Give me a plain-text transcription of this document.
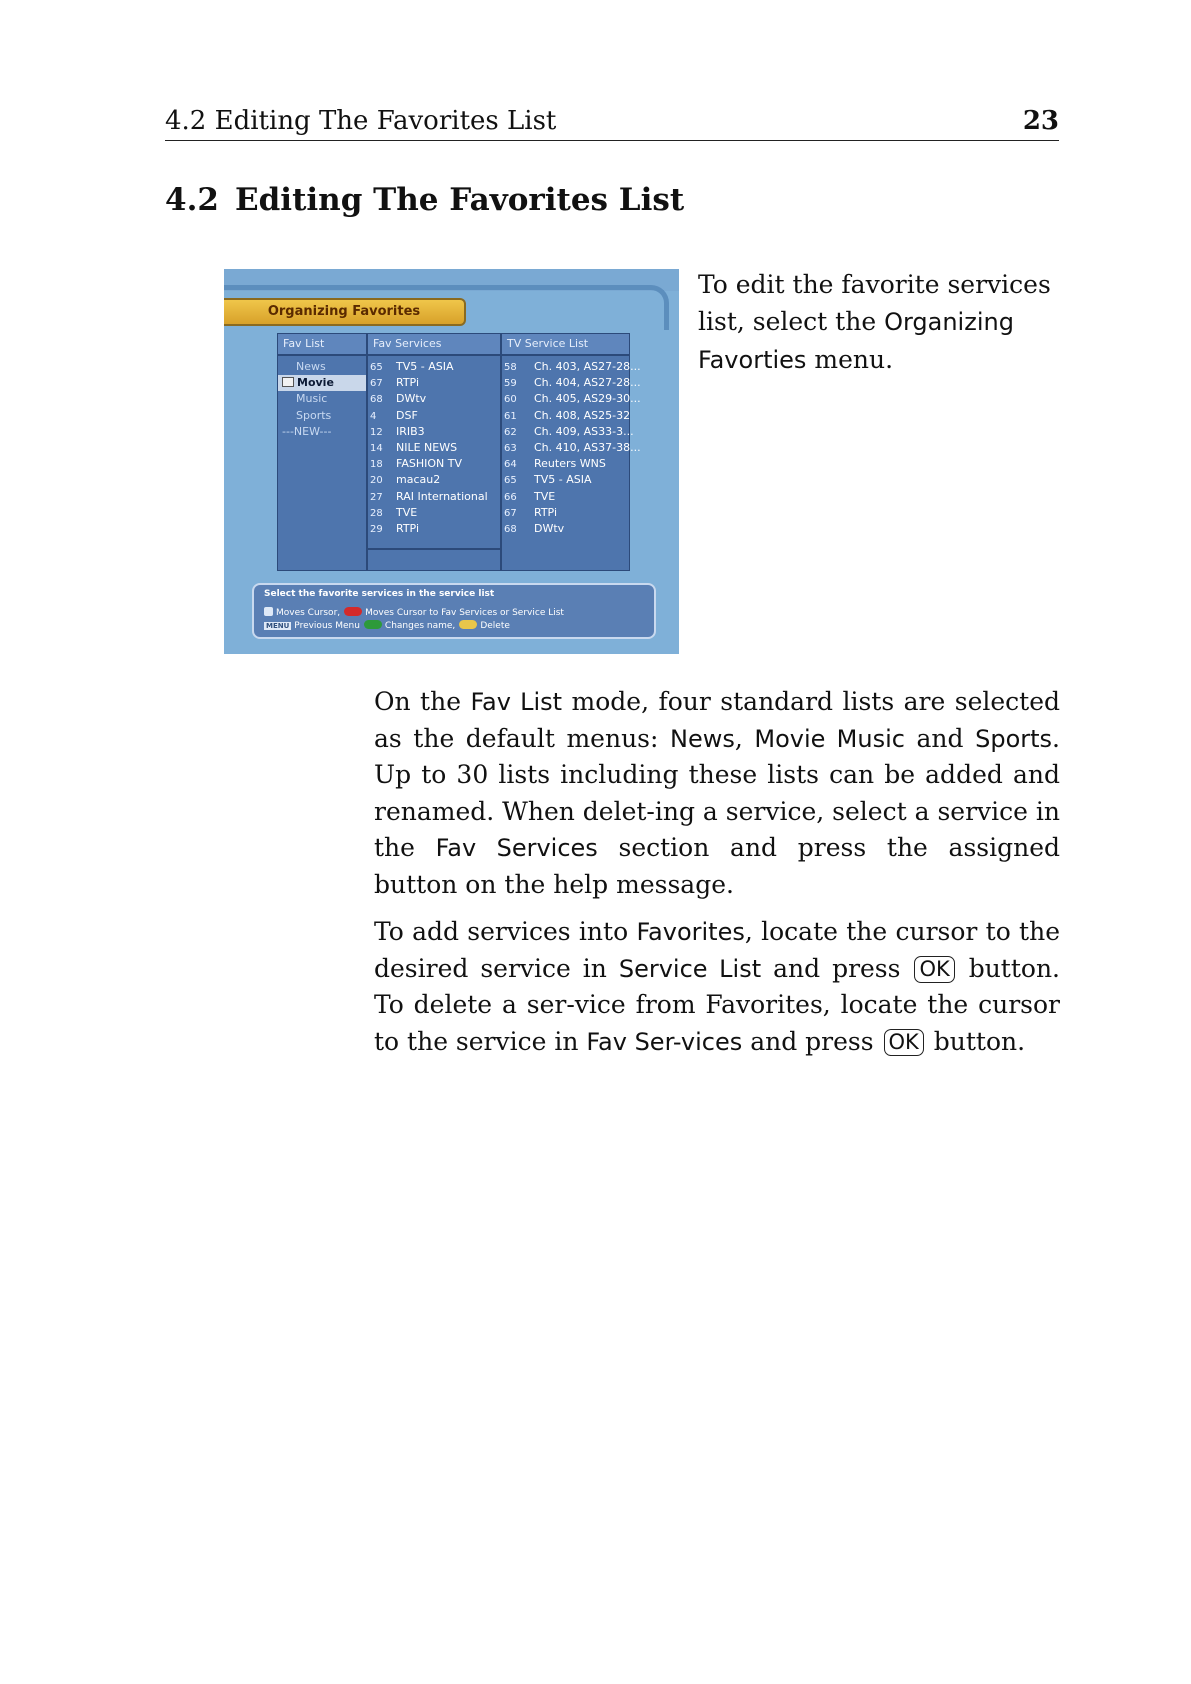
4.2 Editing The Favorites List	23
4.2 Editing The Favorites List
Organizing Favorites
Fav List
News
Movie
Music
Sports
---NEW---
Fav Services
65 TV5 - ASIA
67 RTPi
68 DWtv
4 DSF
12 IRIB3
14 NILE NEWS
18 FASHION TV
20 macau2
27 RAI International
28 TVE
29 RTPi
TV Service List
58 Ch. 403, AS27-28...
59 Ch. 404, AS27-28...
60 Ch. 405, AS29-30...
61 Ch. 408, AS25-32
62 Ch. 409, AS33-3...
63 Ch. 410, AS37-38...
64 Reuters WNS
65 TV5 - ASIA
66 TVE
67 RTPi
68 DWtv
Select the favorite services in the service list
Moves Cursor,	Moves Cursor to Fav Services or Service List
MENU Previous Menu	Changes name,	Delete
To edit the favorite services list, select the Organizing Favorties menu.

On the Fav List mode, four standard lists are selected as the default menus: News, Movie Music and Sports. Up to 30 lists including these lists can be added and renamed. When delet-ing a service, select a service in the Fav Services section and press the assigned button on the help message.

To add services into Favorites, locate the cursor to the desired service in Service List and press OK button. To delete a ser-vice from Favorites, locate the cursor to the service in Fav Ser-vices and press OK button.
